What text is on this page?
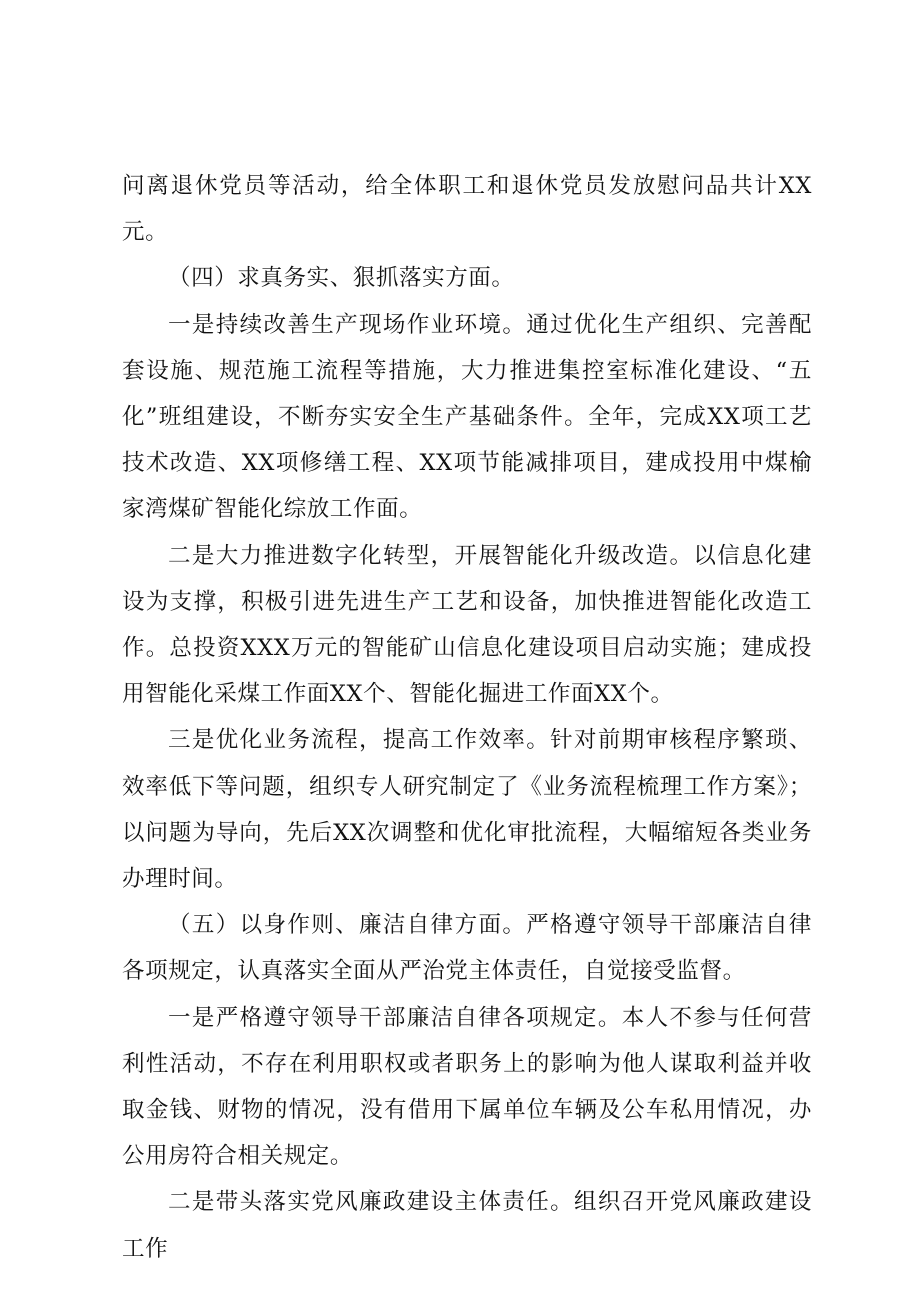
问离退休党员等活动，给全体职工和退休党员发放慰问品共计XX元。

（四）求真务实、狠抓落实方面。

一是持续改善生产现场作业环境。通过优化生产组织、完善配套设施、规范施工流程等措施，大力推进集控室标准化建设、“五化”班组建设，不断夯实安全生产基础条件。全年，完成XX项工艺技术改造、XX项修缮工程、XX项节能减排项目，建成投用中煤榆家湾煤矿智能化综放工作面。

二是大力推进数字化转型，开展智能化升级改造。以信息化建设为支撑，积极引进先进生产工艺和设备，加快推进智能化改造工作。总投资XXX万元的智能矿山信息化建设项目启动实施；建成投用智能化采煤工作面XX个、智能化掘进工作面XX个。

三是优化业务流程，提高工作效率。针对前期审核程序繁琐、效率低下等问题，组织专人研究制定了《业务流程梳理工作方案》；以问题为导向，先后XX次调整和优化审批流程，大幅缩短各类业务办理时间。

（五）以身作则、廉洁自律方面。严格遵守领导干部廉洁自律各项规定，认真落实全面从严治党主体责任，自觉接受监督。

一是严格遵守领导干部廉洁自律各项规定。本人不参与任何营利性活动，不存在利用职权或者职务上的影响为他人谋取利益并收取金钱、财物的情况，没有借用下属单位车辆及公车私用情况，办公用房符合相关规定。

二是带头落实党风廉政建设主体责任。组织召开党风廉政建设工作
